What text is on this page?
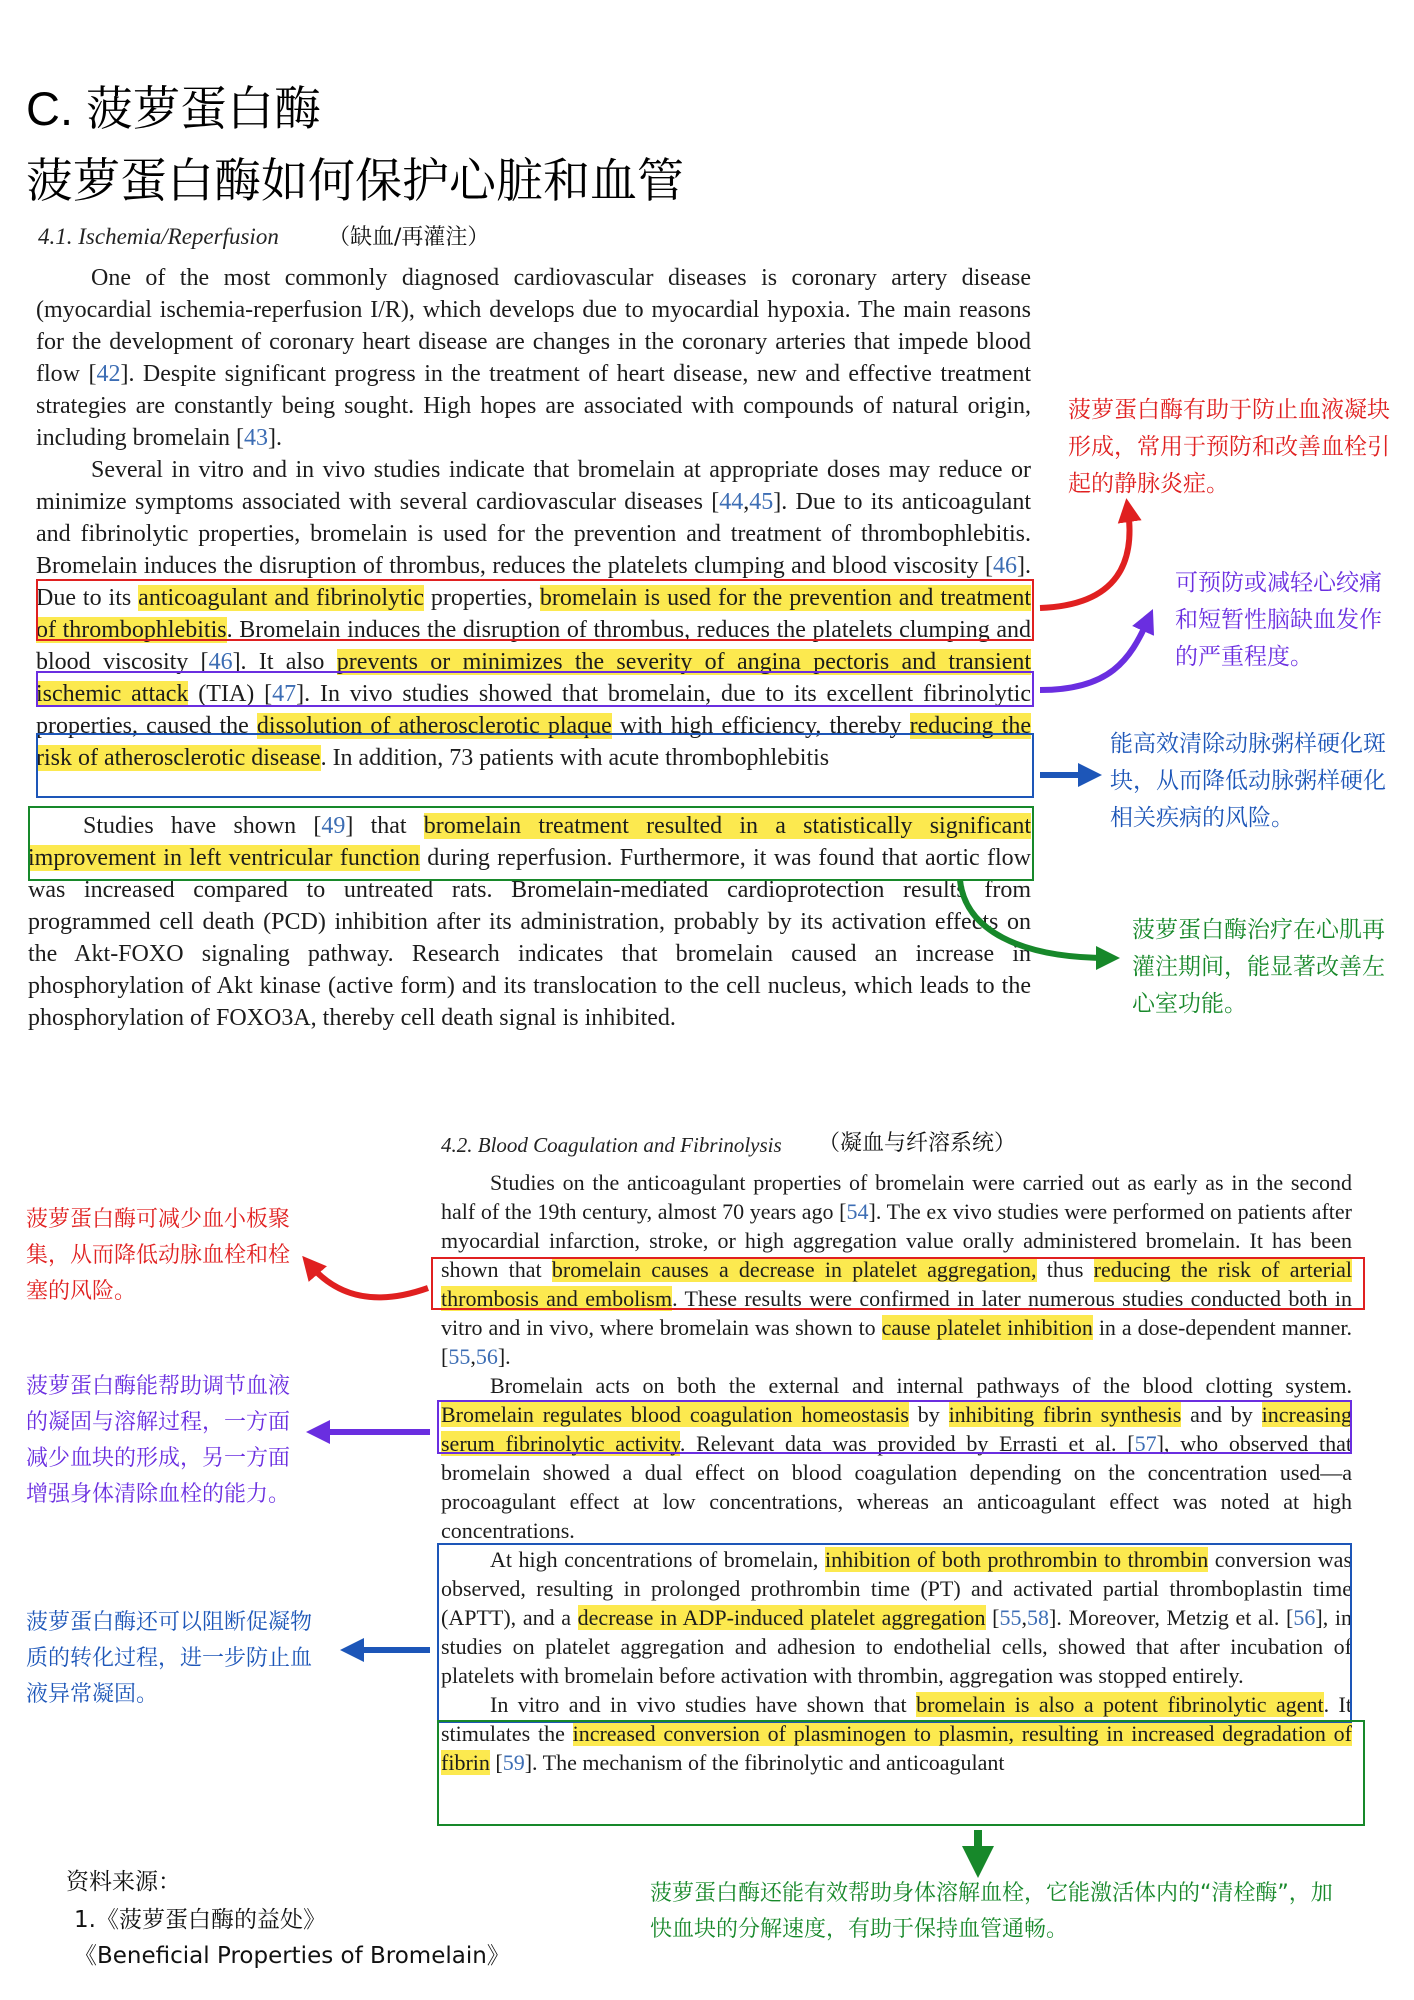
C. 菠萝蛋白酶
菠萝蛋白酶如何保护心脏和血管
4.1. Ischemia/Reperfusion （缺血/再灌注）

One of the most commonly diagnosed cardiovascular diseases is coronary artery disease (myocardial ischemia-reperfusion I/R), which develops due to myocardial hypoxia. The main reasons for the development of coronary heart disease are changes in the coronary arteries that impede blood flow [42]. Despite significant progress in the treatment of heart disease, new and effective treatment strategies are constantly being sought. High hopes are associated with compounds of natural origin, including bromelain [43].

Several in vitro and in vivo studies indicate that bromelain at appropriate doses may reduce or minimize symptoms associated with several cardiovascular diseases [44,45]. Due to its anticoagulant and fibrinolytic properties, bromelain is used for the prevention and treatment of thrombophlebitis. Bromelain induces the disruption of thrombus, reduces the platelets clumping and blood viscosity [46]. Due to its anticoagulant and fibrinolytic properties, bromelain is used for the prevention and treatment of thrombophlebitis. Bromelain induces the disruption of thrombus, reduces the platelets clumping and blood viscosity [46]. It also prevents or minimizes the severity of angina pectoris and transient ischemic attack (TIA) [47]. In vivo studies showed that bromelain, due to its excellent fibrinolytic properties, caused the dissolution of atherosclerotic plaque with high efficiency, thereby reducing the risk of atherosclerotic disease. In addition, 73 patients with acute thrombophlebitis

Studies have shown [49] that bromelain treatment resulted in a statistically significant improvement in left ventricular function during reperfusion. Furthermore, it was found that aortic flow was increased compared to untreated rats. Bromelain-mediated cardioprotection results from programmed cell death (PCD) inhibition after its administration, probably by its activation effects on the Akt-FOXO signaling pathway. Research indicates that bromelain caused an increase in phosphorylation of Akt kinase (active form) and its translocation to the cell nucleus, which leads to the phosphorylation of FOXO3A, thereby cell death signal is inhibited.

菠萝蛋白酶有助于防止血液凝块形成，常用于预防和改善血栓引起的静脉炎症。
可预防或减轻心绞痛和短暂性脑缺血发作的严重程度。
能高效清除动脉粥样硬化斑块，从而降低动脉粥样硬化相关疾病的风险。
菠萝蛋白酶治疗在心肌再灌注期间，能显著改善左心室功能。
4.2. Blood Coagulation and Fibrinolysis （凝血与纤溶系统）

Studies on the anticoagulant properties of bromelain were carried out as early as in the second half of the 19th century, almost 70 years ago [54]. The ex vivo studies were performed on patients after myocardial infarction, stroke, or high aggregation value orally administered bromelain. It has been shown that bromelain causes a decrease in platelet aggregation, thus reducing the risk of arterial thrombosis and embolism. These results were confirmed in later numerous studies conducted both in vitro and in vivo, where bromelain was shown to cause platelet inhibition in a dose-dependent manner. [55,56].

Bromelain acts on both the external and internal pathways of the blood clotting system. Bromelain regulates blood coagulation homeostasis by inhibiting fibrin synthesis and by increasing serum fibrinolytic activity. Relevant data was provided by Errasti et al. [57], who observed that bromelain showed a dual effect on blood coagulation depending on the concentration used—a procoagulant effect at low concentrations, whereas an anticoagulant effect was noted at high concentrations.

At high concentrations of bromelain, inhibition of both prothrombin to thrombin conversion was observed, resulting in prolonged prothrombin time (PT) and activated partial thromboplastin time (APTT), and a decrease in ADP-induced platelet aggregation [55,58]. Moreover, Metzig et al. [56], in studies on platelet aggregation and adhesion to endothelial cells, showed that after incubation of platelets with bromelain before activation with thrombin, aggregation was stopped entirely.

In vitro and in vivo studies have shown that bromelain is also a potent fibrinolytic agent. It stimulates the increased conversion of plasminogen to plasmin, resulting in increased degradation of fibrin [59]. The mechanism of the fibrinolytic and anticoagulant

菠萝蛋白酶可减少血小板聚集，从而降低动脉血栓和栓塞的风险。
菠萝蛋白酶能帮助调节血液的凝固与溶解过程，一方面减少血块的形成，另一方面增强身体清除血栓的能力。
菠萝蛋白酶还可以阻断促凝物质的转化过程，进一步防止血液异常凝固。
菠萝蛋白酶还能有效帮助身体溶解血栓，它能激活体内的“清栓酶”，加快血块的分解速度，有助于保持血管通畅。
资料来源：
1.《菠萝蛋白酶的益处》
《Beneficial Properties of Bromelain》
